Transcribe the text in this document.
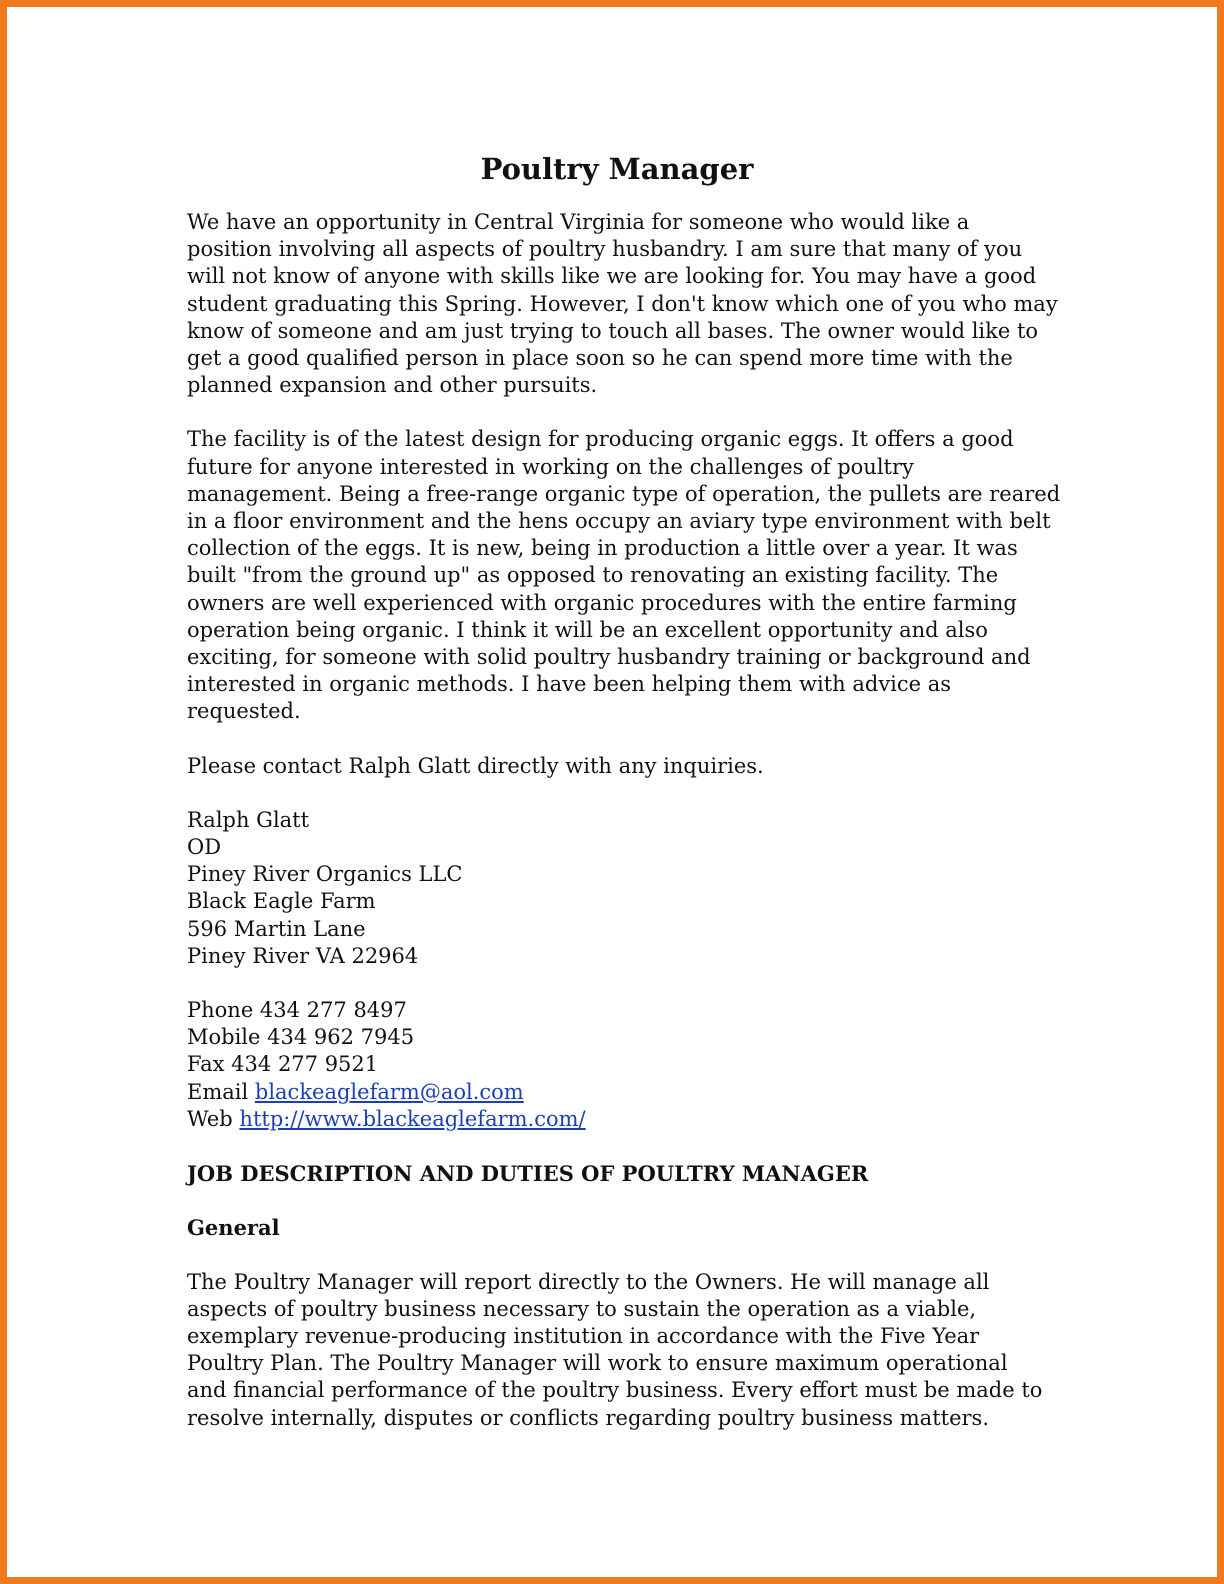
Poultry Manager
We have an opportunity in Central Virginia for someone who would like a
position involving all aspects of poultry husbandry. I am sure that many of you
will not know of anyone with skills like we are looking for. You may have a good
student graduating this Spring. However, I don't know which one of you who may
know of someone and am just trying to touch all bases. The owner would like to
get a good qualified person in place soon so he can spend more time with the
planned expansion and other pursuits.
The facility is of the latest design for producing organic eggs. It offers a good
future for anyone interested in working on the challenges of poultry
management. Being a free-range organic type of operation, the pullets are reared
in a floor environment and the hens occupy an aviary type environment with belt
collection of the eggs. It is new, being in production a little over a year. It was
built "from the ground up" as opposed to renovating an existing facility. The
owners are well experienced with organic procedures with the entire farming
operation being organic. I think it will be an excellent opportunity and also
exciting, for someone with solid poultry husbandry training or background and
interested in organic methods. I have been helping them with advice as
requested.
Please contact Ralph Glatt directly with any inquiries.
Ralph Glatt
OD
Piney River Organics LLC
Black Eagle Farm
596 Martin Lane
Piney River VA 22964
Phone 434 277 8497
Mobile 434 962 7945
Fax 434 277 9521
Email blackeaglefarm@aol.com
Web http://www.blackeaglefarm.com/
JOB DESCRIPTION AND DUTIES OF POULTRY MANAGER
General
The Poultry Manager will report directly to the Owners. He will manage all
aspects of poultry business necessary to sustain the operation as a viable,
exemplary revenue-producing institution in accordance with the Five Year
Poultry Plan. The Poultry Manager will work to ensure maximum operational
and financial performance of the poultry business. Every effort must be made to
resolve internally, disputes or conflicts regarding poultry business matters.
